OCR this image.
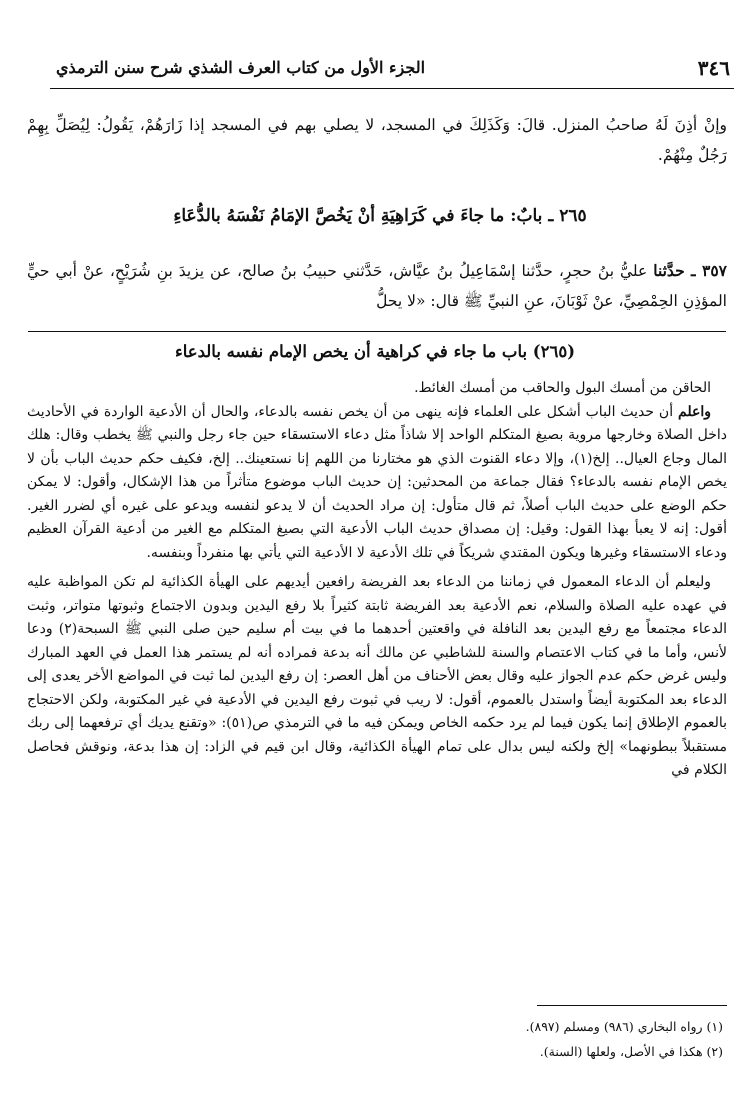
٣٤٦
الجزء الأول من كتاب العرف الشذي شرح سنن الترمذي

وإنْ أذِنَ لَهُ صاحبُ المنزل. قالَ: وَكَذَلِكَ في المسجد، لا يصلي بهم في المسجد إذا زَارَهُمْ، يَقُولُ: لِيُصَلِّ بِهِمْ رَجُلٌ مِنْهُمْ.

٢٦٥ ـ بابٌ: ما جاءَ في كَرَاهِيَةِ أنْ يَخُصَّ الإمَامُ نَفْسَهُ بالدُّعَاءِ

٣٥٧ ـ حدَّثنا عليُّ بنُ حجرٍ، حدَّثنا إسْمَاعِيلُ بنُ عيَّاش، حَدَّثني حبيبُ بنُ صالح، عن يزيدَ بنِ شُرَيْحٍ، عنْ أبي حيٍّ المؤذِنِ الحِمْصِيِّ، عنْ ثَوْبَانَ، عنِ النبيِّ ﷺ قال: «لا يحلُّ

(٢٦٥) باب ما جاء في كراهية أن يخص الإمام نفسه بالدعاء

الحاقن من أمسك البول والحاقب من أمسك الغائط.

واعلم أن حديث الباب أشكل على العلماء فإنه ينهى من أن يخص نفسه بالدعاء، والحال أن الأدعية الواردة في الأحاديث داخل الصلاة وخارجها مروية بصيغ المتكلم الواحد إلا شاذاً مثل دعاء الاستسقاء حين جاء رجل والنبي ﷺ يخطب وقال: هلك المال وجاع العيال.. إلخ(١)، وإلا دعاء القنوت الذي هو مختارنا من اللهم إنا نستعينك.. إلخ، فكيف حكم حديث الباب بأن لا يخص الإمام نفسه بالدعاء؟ فقال جماعة من المحدثين: إن حديث الباب موضوع متأثراً من هذا الإشكال، وأقول: لا يمكن حكم الوضع على حديث الباب أصلاً، ثم قال متأول: إن مراد الحديث أن لا يدعو لنفسه ويدعو على غيره أي لضرر الغير. أقول: إنه لا يعبأ بهذا القول: وقيل: إن مصداق حديث الباب الأدعية التي بصيغ المتكلم مع الغير من أدعية القرآن العظيم ودعاء الاستسقاء وغيرها ويكون المقتدي شريكاً في تلك الأدعية لا الأدعية التي يأتي بها منفرداً وبنفسه.

وليعلم أن الدعاء المعمول في زماننا من الدعاء بعد الفريضة رافعين أيديهم على الهيأة الكذائية لم تكن المواظبة عليه في عهده عليه الصلاة والسلام، نعم الأدعية بعد الفريضة ثابتة كثيراً بلا رفع اليدين وبدون الاجتماع وثبوتها متواتر، وثبت الدعاء مجتمعاً مع رفع اليدين بعد النافلة في واقعتين أحدهما ما في بيت أم سليم حين صلى النبي ﷺ السبحة(٢) ودعا لأنس، وأما ما في كتاب الاعتصام والسنة للشاطبي عن مالك أنه بدعة فمراده أنه لم يستمر هذا العمل في العهد المبارك وليس غرض حكم عدم الجواز عليه وقال بعض الأحناف من أهل العصر: إن رفع اليدين لما ثبت في المواضع الأخر يعدى إلى الدعاء بعد المكتوبة أيضاً واستدل بالعموم، أقول: لا ريب في ثبوت رفع اليدين في الأدعية في غير المكتوبة، ولكن الاحتجاج بالعموم الإطلاق إنما يكون فيما لم يرد حكمه الخاص ويمكن فيه ما في الترمذي ص(٥١): «وتقنع يديك أي ترفعهما إلى ربك مستقبلاً ببطونهما» إلخ ولكنه ليس بدال على تمام الهيأة الكذائية، وقال ابن قيم في الزاد: إن هذا بدعة، ونوقش فحاصل الكلام في

(١) رواه البخاري (٩٨٦) ومسلم (٨٩٧).
(٢) هكذا في الأصل، ولعلها (السنة).
